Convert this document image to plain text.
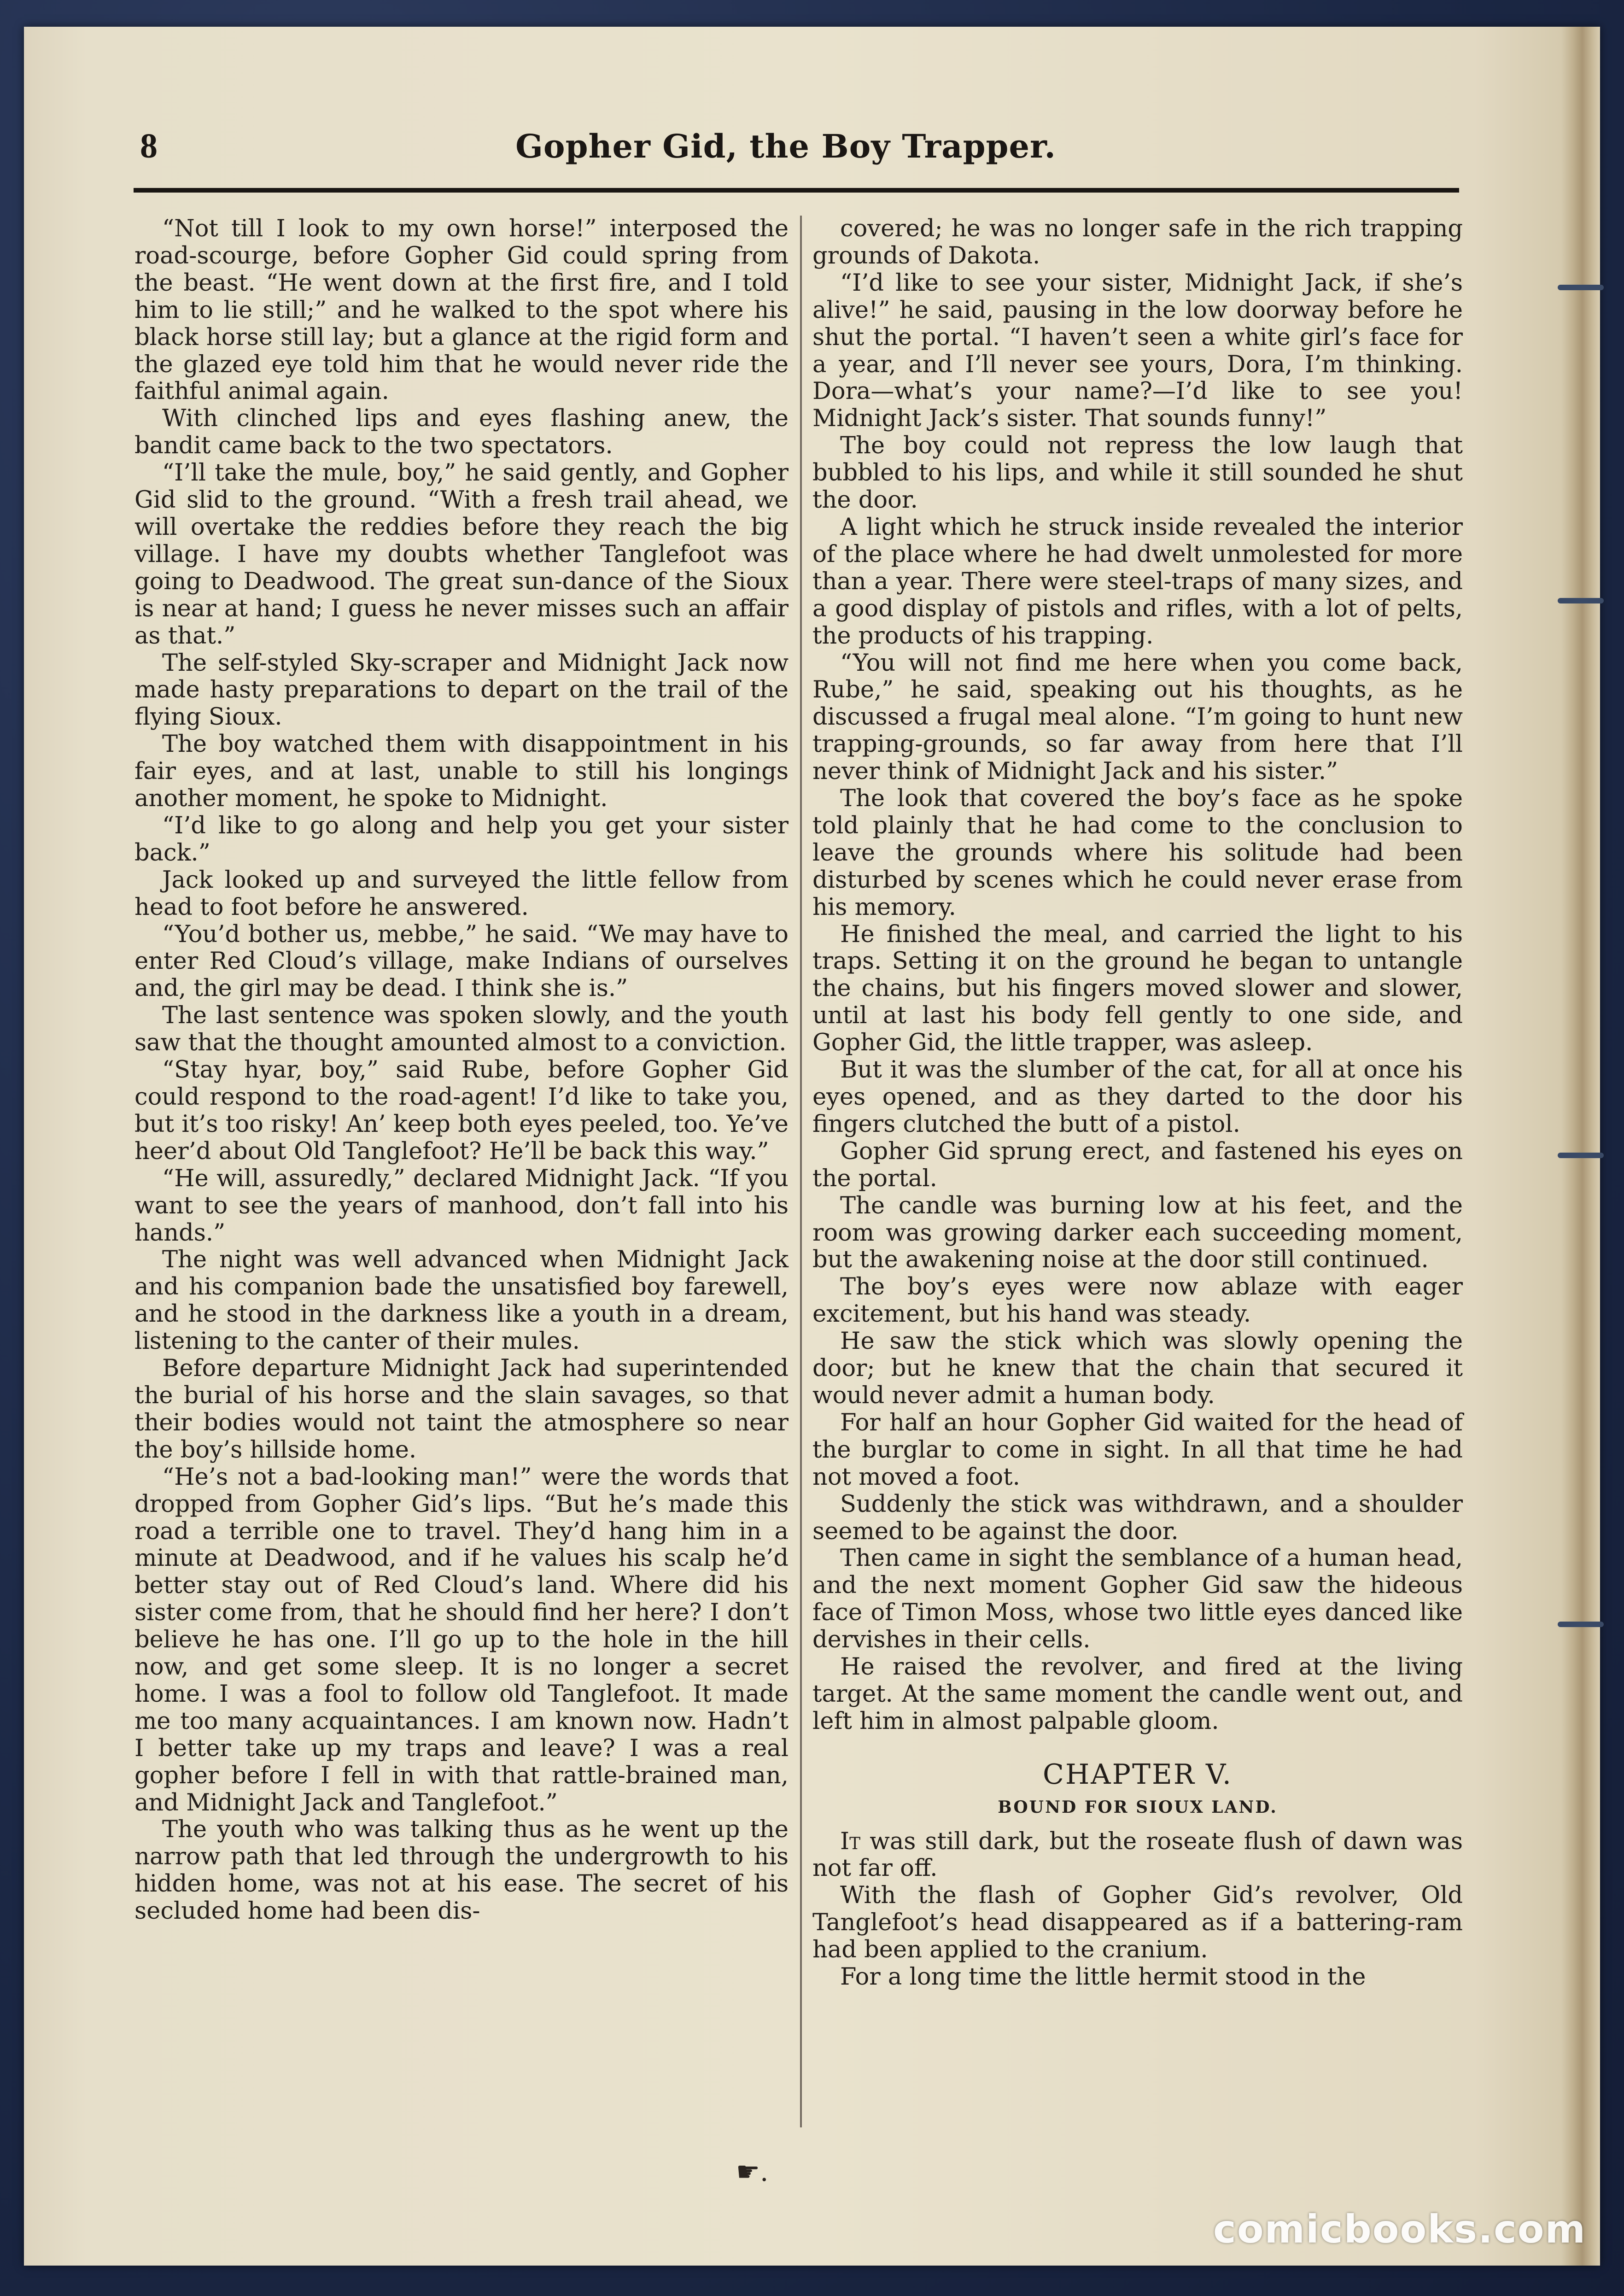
8	Gopher Gid, the Boy Trapper.

“Not till I look to my own horse!” interposed the road-scourge, before Gopher Gid could spring from the beast. “He went down at the first fire, and I told him to lie still;” and he walked to the spot where his black horse still lay; but a glance at the rigid form and the glazed eye told him that he would never ride the faithful animal again.

With clinched lips and eyes flashing anew, the bandit came back to the two spectators.

“I’ll take the mule, boy,” he said gently, and Gopher Gid slid to the ground. “With a fresh trail ahead, we will overtake the reddies before they reach the big village. I have my doubts whether Tanglefoot was going to Deadwood. The great sun-dance of the Sioux is near at hand; I guess he never misses such an affair as that.”

The self-styled Sky-scraper and Midnight Jack now made hasty preparations to depart on the trail of the flying Sioux.

The boy watched them with disappointment in his fair eyes, and at last, unable to still his longings another moment, he spoke to Midnight.

“I’d like to go along and help you get your sister back.”

Jack looked up and surveyed the little fellow from head to foot before he answered.

“You’d bother us, mebbe,” he said. “We may have to enter Red Cloud’s village, make Indians of ourselves and, the girl may be dead. I think she is.”

The last sentence was spoken slowly, and the youth saw that the thought amounted almost to a conviction.

“Stay hyar, boy,” said Rube, before Gopher Gid could respond to the road-agent! I’d like to take you, but it’s too risky! An’ keep both eyes peeled, too. Ye’ve heer’d about Old Tanglefoot? He’ll be back this way.”

“He will, assuredly,” declared Midnight Jack. “If you want to see the years of manhood, don’t fall into his hands.”

The night was well advanced when Midnight Jack and his companion bade the unsatisfied boy farewell, and he stood in the darkness like a youth in a dream, listening to the canter of their mules.

Before departure Midnight Jack had superintended the burial of his horse and the slain savages, so that their bodies would not taint the atmosphere so near the boy’s hillside home.

“He’s not a bad-looking man!” were the words that dropped from Gopher Gid’s lips. “But he’s made this road a terrible one to travel. They’d hang him in a minute at Deadwood, and if he values his scalp he’d better stay out of Red Cloud’s land. Where did his sister come from, that he should find her here? I don’t believe he has one. I’ll go up to the hole in the hill now, and get some sleep. It is no longer a secret home. I was a fool to follow old Tanglefoot. It made me too many acquaintances. I am known now. Hadn’t I better take up my traps and leave? I was a real gopher before I fell in with that rattle-brained man, and Midnight Jack and Tanglefoot.”

The youth who was talking thus as he went up the narrow path that led through the undergrowth to his hidden home, was not at his ease. The secret of his secluded home had been dis-

covered; he was no longer safe in the rich trapping grounds of Dakota.

“I’d like to see your sister, Midnight Jack, if she’s alive!” he said, pausing in the low doorway before he shut the portal. “I haven’t seen a white girl’s face for a year, and I’ll never see yours, Dora, I’m thinking. Dora—what’s your name?—I’d like to see you! Midnight Jack’s sister. That sounds funny!”

The boy could not repress the low laugh that bubbled to his lips, and while it still sounded he shut the door.

A light which he struck inside revealed the interior of the place where he had dwelt unmolested for more than a year. There were steel-traps of many sizes, and a good display of pistols and rifles, with a lot of pelts, the products of his trapping.

“You will not find me here when you come back, Rube,” he said, speaking out his thoughts, as he discussed a frugal meal alone. “I’m going to hunt new trapping-grounds, so far away from here that I’ll never think of Midnight Jack and his sister.”

The look that covered the boy’s face as he spoke told plainly that he had come to the conclusion to leave the grounds where his solitude had been disturbed by scenes which he could never erase from his memory.

He finished the meal, and carried the light to his traps. Setting it on the ground he began to untangle the chains, but his fingers moved slower and slower, until at last his body fell gently to one side, and Gopher Gid, the little trapper, was asleep.

But it was the slumber of the cat, for all at once his eyes opened, and as they darted to the door his fingers clutched the butt of a pistol.

Gopher Gid sprung erect, and fastened his eyes on the portal.

The candle was burning low at his feet, and the room was growing darker each succeeding moment, but the awakening noise at the door still continued.

The boy’s eyes were now ablaze with eager excitement, but his hand was steady.

He saw the stick which was slowly opening the door; but he knew that the chain that secured it would never admit a human body.

For half an hour Gopher Gid waited for the head of the burglar to come in sight. In all that time he had not moved a foot.

Suddenly the stick was withdrawn, and a shoulder seemed to be against the door.

Then came in sight the semblance of a human head, and the next moment Gopher Gid saw the hideous face of Timon Moss, whose two little eyes danced like dervishes in their cells.

He raised the revolver, and fired at the living target. At the same moment the candle went out, and left him in almost palpable gloom.

CHAPTER V.
BOUND FOR SIOUX LAND.

It was still dark, but the roseate flush of dawn was not far off.

With the flash of Gopher Gid’s revolver, Old Tanglefoot’s head disappeared as if a battering-ram had been applied to the cranium.

For a long time the little hermit stood in the

☛.
comicbooks.com
